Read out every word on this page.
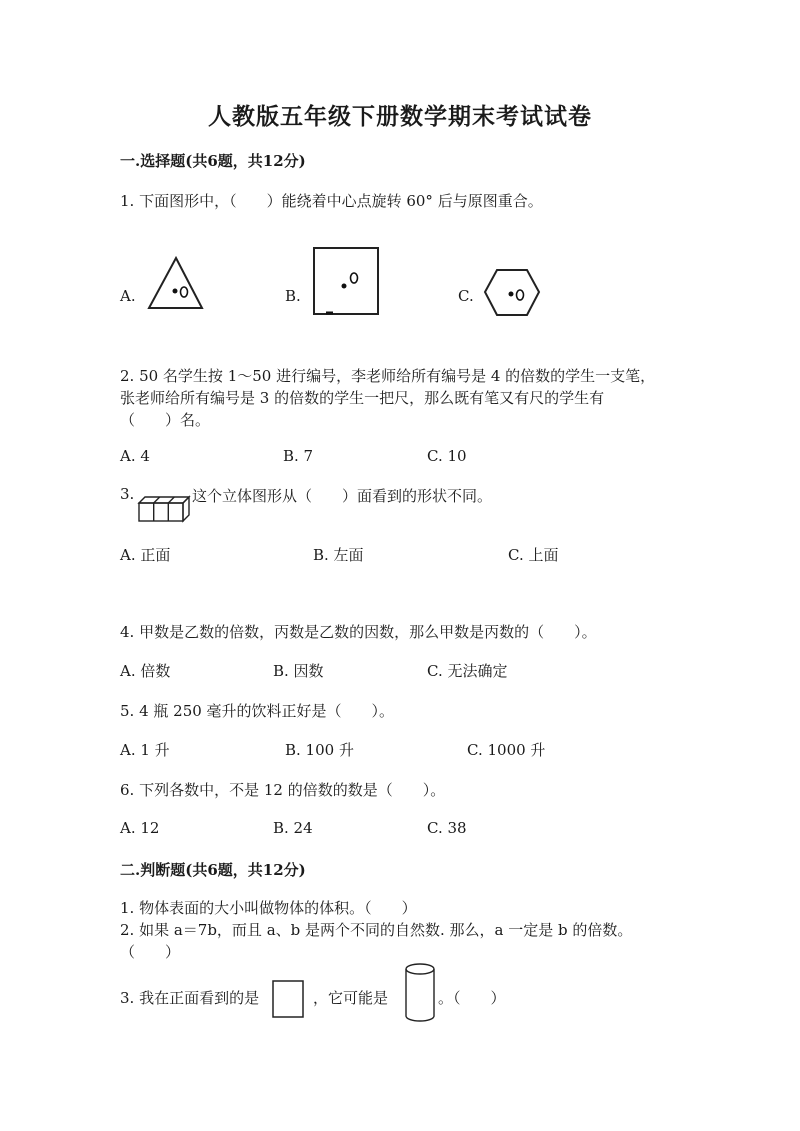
人教版五年级下册数学期末考试试卷
一.选择题(共6题，共12分)
1. 下面图形中，（　　）能绕着中心点旋转 60° 后与原图重合。
A.	B.	C.
2. 50 名学生按 1～50 进行编号，李老师给所有编号是 4 的倍数的学生一支笔，
张老师给所有编号是 3 的倍数的学生一把尺，那么既有笔又有尺的学生有
（　　）名。
A. 4	B. 7	C. 10
3.	这个立体图形从（　　）面看到的形状不同。
A. 正面	B. 左面	C. 上面
4. 甲数是乙数的倍数，丙数是乙数的因数，那么甲数是丙数的（　　）。
A. 倍数	B. 因数	C. 无法确定
5. 4 瓶 250 毫升的饮料正好是（　　）。
A. 1 升	B. 100 升	C. 1000 升
6. 下列各数中，不是 12 的倍数的数是（　　）。
A. 12	B. 24	C. 38
二.判断题(共6题，共12分)
1. 物体表面的大小叫做物体的体积。（　　）
2. 如果 a＝7b，而且 a、b 是两个不同的自然数. 那么，a 一定是 b 的倍数。
（　　）
3. 我在正面看到的是	，它可能是	。（　　）
